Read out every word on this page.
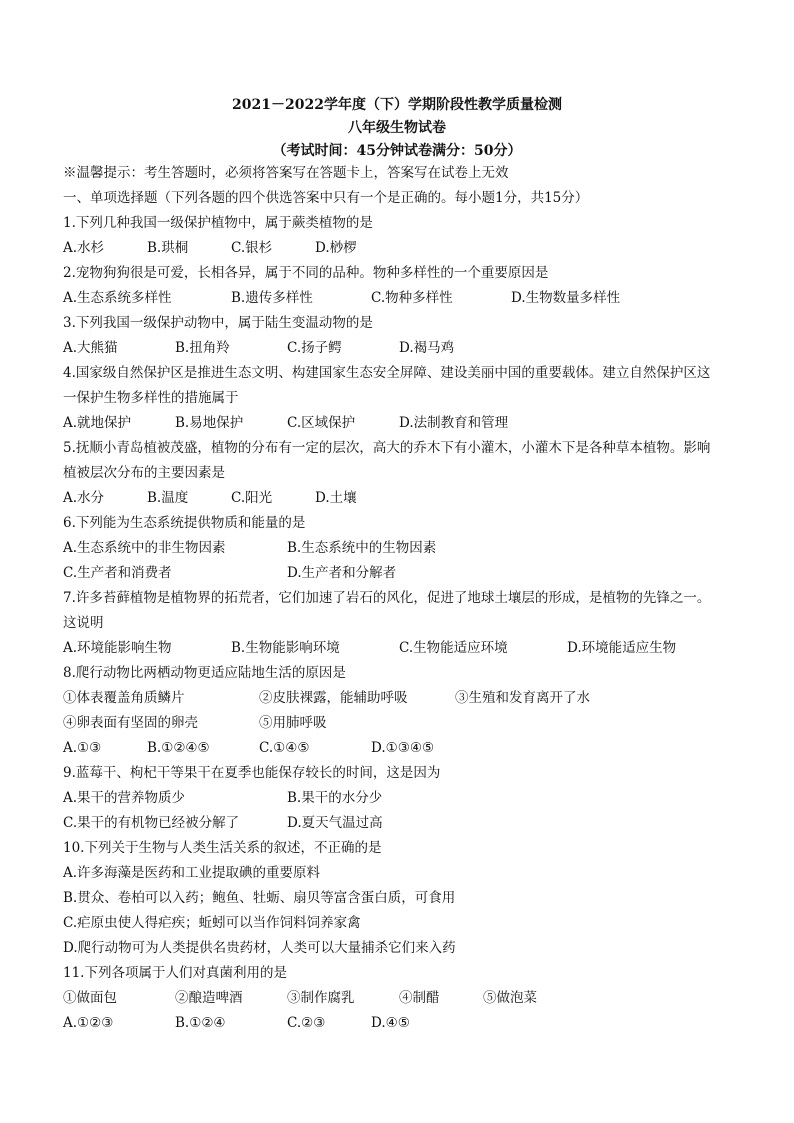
2021－2022学年度（下）学期阶段性教学质量检测
八年级生物试卷
（考试时间：45分钟试卷满分：50分）
※温馨提示：考生答题时，必须将答案写在答题卡上，答案写在试卷上无效
一、单项选择题（下列各题的四个供选答案中只有一个是正确的。每小题1分，共15分）
1.下列几种我国一级保护植物中，属于蕨类植物的是
A.水杉	B.珙桐	C.银杉	D.桫椤
2.宠物狗狗很是可爱，长相各异，属于不同的品种。物种多样性的一个重要原因是
A.生态系统多样性	B.遗传多样性	C.物种多样性	D.生物数量多样性
3.下列我国一级保护动物中，属于陆生变温动物的是
A.大熊猫	B.扭角羚	C.扬子鳄	D.褐马鸡
4.国家级自然保护区是推进生态文明、构建国家生态安全屏障、建设美丽中国的重要载体。建立自然保护区这
一保护生物多样性的措施属于
A.就地保护	B.易地保护	C.区域保护	D.法制教育和管理
5.抚顺小青岛植被茂盛，植物的分布有一定的层次，高大的乔木下有小灌木，小灌木下是各种草本植物。影响
植被层次分布的主要因素是
A.水分	B.温度	C.阳光	D.土壤
6.下列能为生态系统提供物质和能量的是
A.生态系统中的非生物因素	B.生态系统中的生物因素
C.生产者和消费者	D.生产者和分解者
7.许多苔藓植物是植物界的拓荒者，它们加速了岩石的风化，促进了地球土壤层的形成，是植物的先锋之一。
这说明
A.环境能影响生物	B.生物能影响环境	C.生物能适应环境	D.环境能适应生物
8.爬行动物比两栖动物更适应陆地生活的原因是
①体表覆盖角质鳞片	②皮肤裸露，能辅助呼吸	③生殖和发育离开了水
④卵表面有坚固的卵壳	⑤用肺呼吸
A.①③	B.①②④⑤	C.①④⑤	D.①③④⑤
9.蓝莓干、枸杞干等果干在夏季也能保存较长的时间，这是因为
A.果干的营养物质少	B.果干的水分少
C.果干的有机物已经被分解了	D.夏天气温过高
10.下列关于生物与人类生活关系的叙述，不正确的是
A.许多海藻是医药和工业提取碘的重要原料
B.贯众、卷柏可以入药；鲍鱼、牡蛎、扇贝等富含蛋白质，可食用
C.疟原虫使人得疟疾；蚯蚓可以当作饲料饲养家禽
D.爬行动物可为人类提供名贵药材，人类可以大量捕杀它们来入药
11.下列各项属于人们对真菌利用的是
①做面包	②酿造啤酒	③制作腐乳	④制醋	⑤做泡菜
A.①②③	B.①②④	C.②③	D.④⑤
